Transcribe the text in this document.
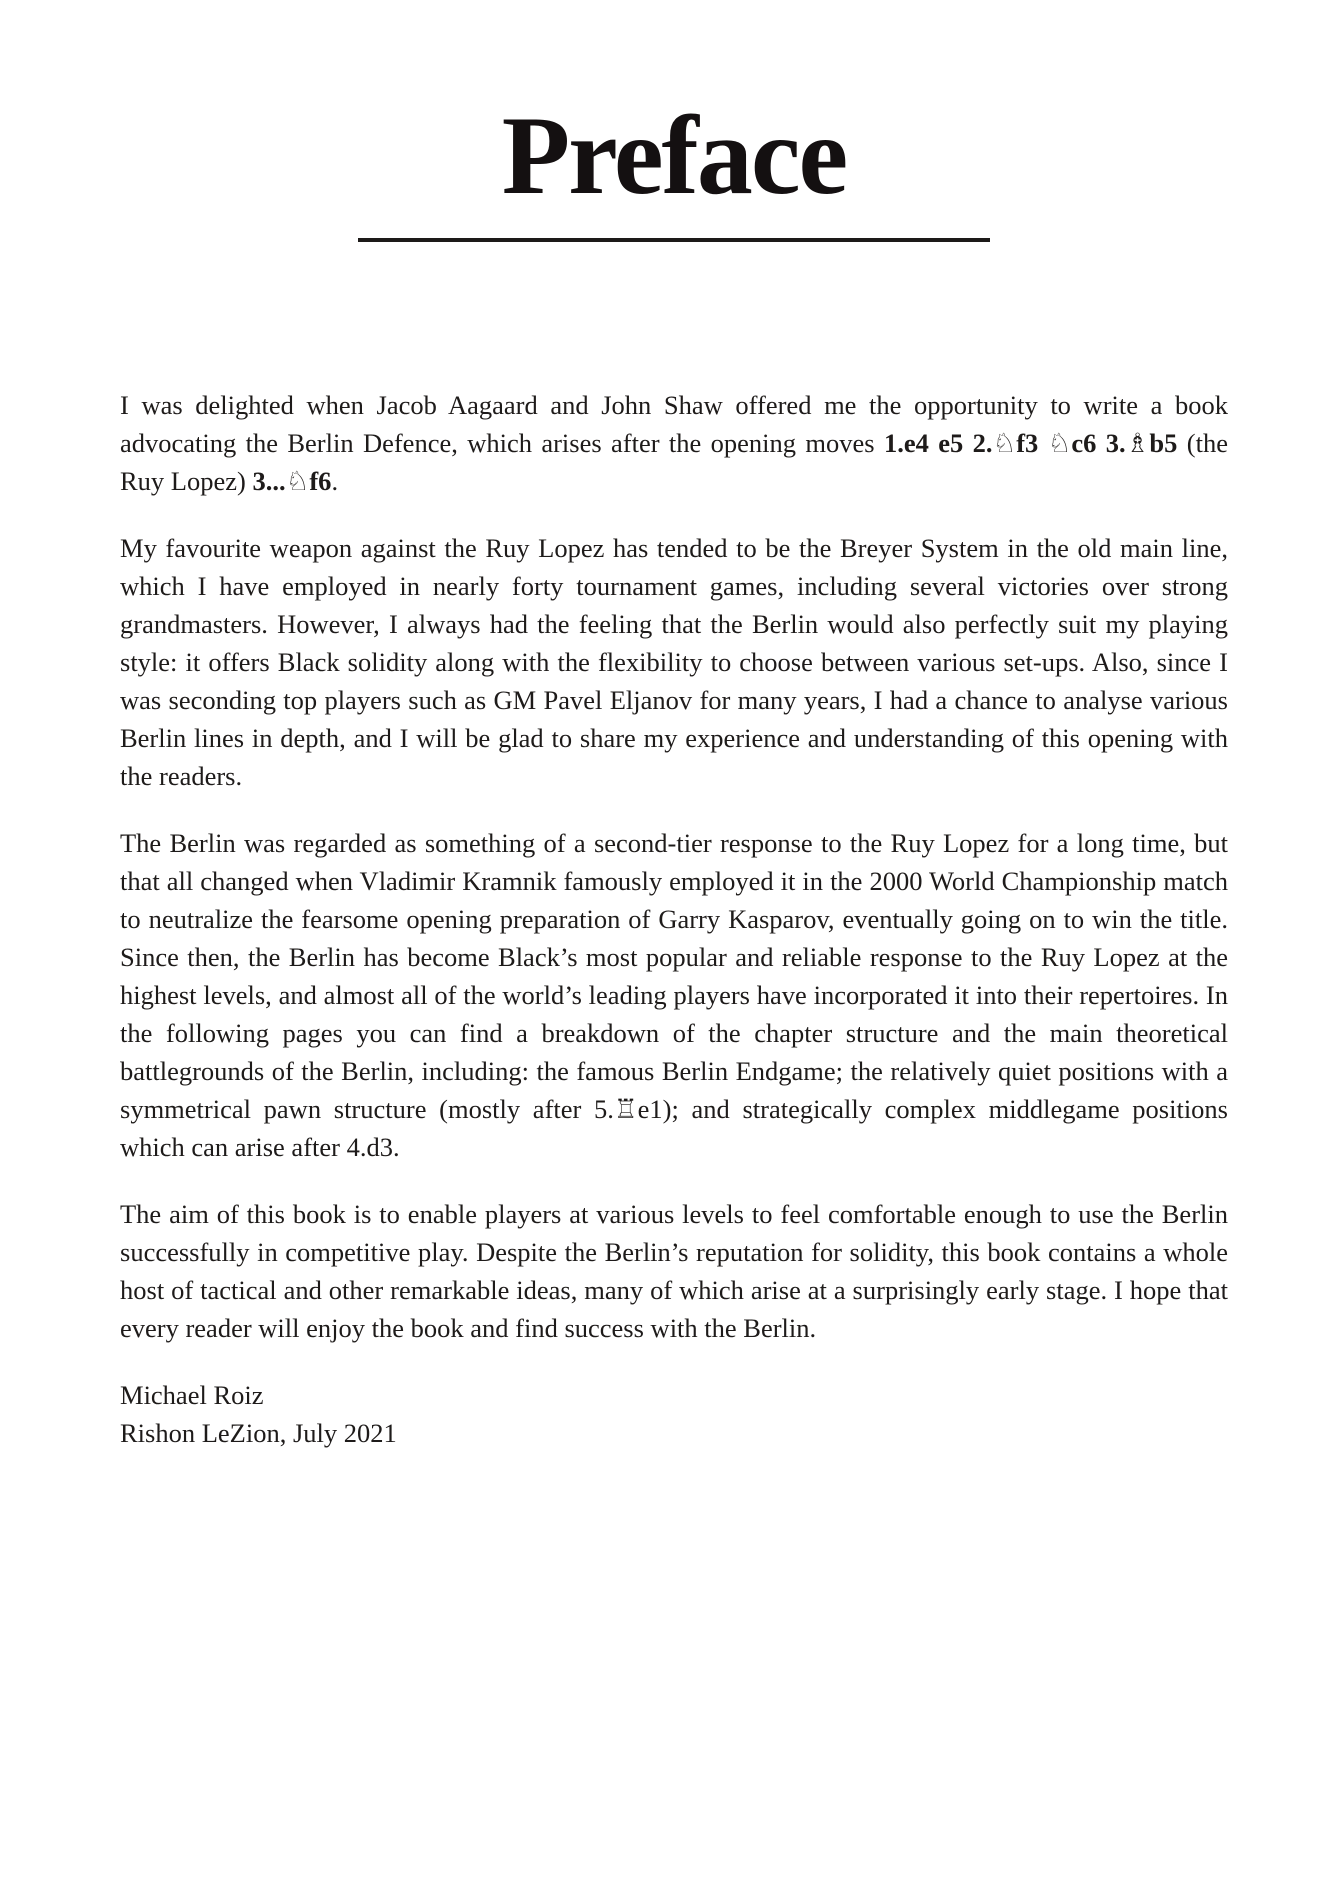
Preface

I was delighted when Jacob Aagaard and John Shaw offered me the opportunity to write a book advocating the Berlin Defence, which arises after the opening moves 1.e4 e5 2.♘f3 ♘c6 3.♗b5 (the Ruy Lopez) 3...♘f6.

My favourite weapon against the Ruy Lopez has tended to be the Breyer System in the old main line, which I have employed in nearly forty tournament games, including several victories over strong grandmasters. However, I always had the feeling that the Berlin would also perfectly suit my playing style: it offers Black solidity along with the flexibility to choose between various set-ups. Also, since I was seconding top players such as GM Pavel Eljanov for many years, I had a chance to analyse various Berlin lines in depth, and I will be glad to share my experience and understanding of this opening with the readers.

The Berlin was regarded as something of a second-tier response to the Ruy Lopez for a long time, but that all changed when Vladimir Kramnik famously employed it in the 2000 World Championship match to neutralize the fearsome opening preparation of Garry Kasparov, eventually going on to win the title. Since then, the Berlin has become Black’s most popular and reliable response to the Ruy Lopez at the highest levels, and almost all of the world’s leading players have incorporated it into their repertoires. In the following pages you can find a breakdown of the chapter structure and the main theoretical battlegrounds of the Berlin, including: the famous Berlin Endgame; the relatively quiet positions with a symmetrical pawn structure (mostly after 5.♖e1); and strategically complex middlegame positions which can arise after 4.d3.

The aim of this book is to enable players at various levels to feel comfortable enough to use the Berlin successfully in competitive play. Despite the Berlin’s reputation for solidity, this book contains a whole host of tactical and other remarkable ideas, many of which arise at a surprisingly early stage. I hope that every reader will enjoy the book and find success with the Berlin.

Michael Roiz
Rishon LeZion, July 2021
